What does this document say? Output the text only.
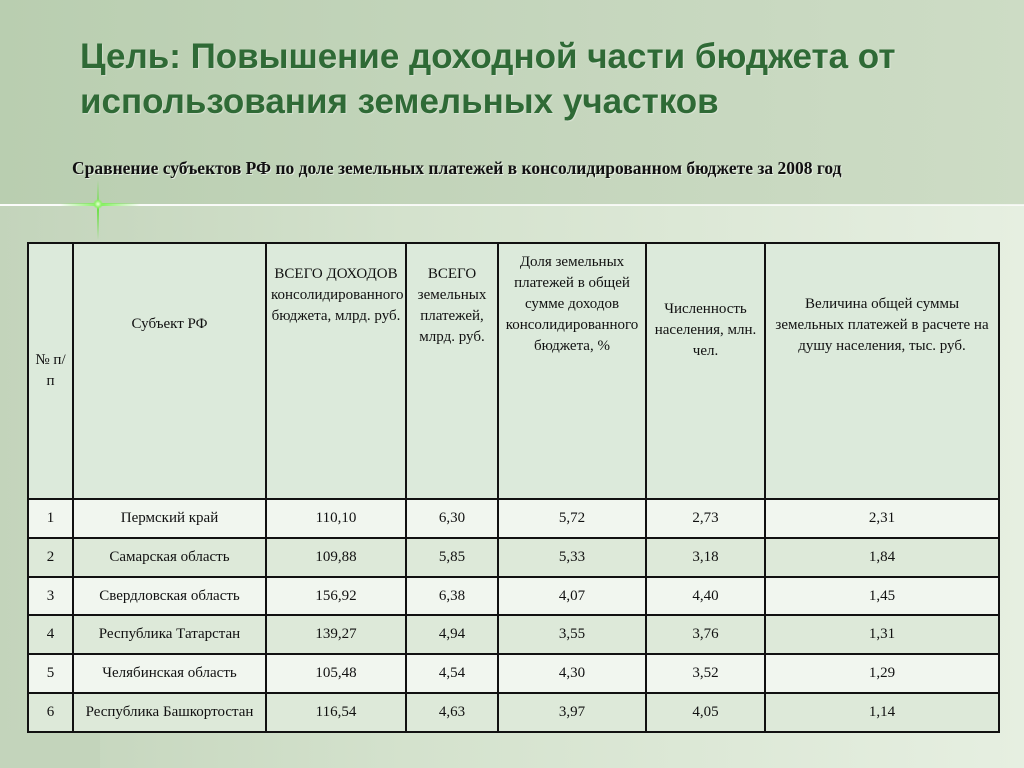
Цель: Повышение доходной части бюджета от использования земельных участков

Сравнение субъектов РФ по доле земельных платежей в консолидированном бюджете за 2008 год

№ п/п	Субъект РФ	ВСЕГО ДОХОДОВ консолидированного бюджета, млрд. руб.	ВСЕГО земельных платежей, млрд. руб.	Доля земельных платежей в общей сумме доходов консолидированного бюджета, %	Численность населения, млн. чел.	Величина общей суммы земельных платежей в расчете на душу населения, тыс. руб.
1	Пермский край	110,10	6,30	5,72	2,73	2,31
2	Самарская область	109,88	5,85	5,33	3,18	1,84
3	Свердловская область	156,92	6,38	4,07	4,40	1,45
4	Республика Татарстан	139,27	4,94	3,55	3,76	1,31
5	Челябинская область	105,48	4,54	4,30	3,52	1,29
6	Республика Башкортостан	116,54	4,63	3,97	4,05	1,14
